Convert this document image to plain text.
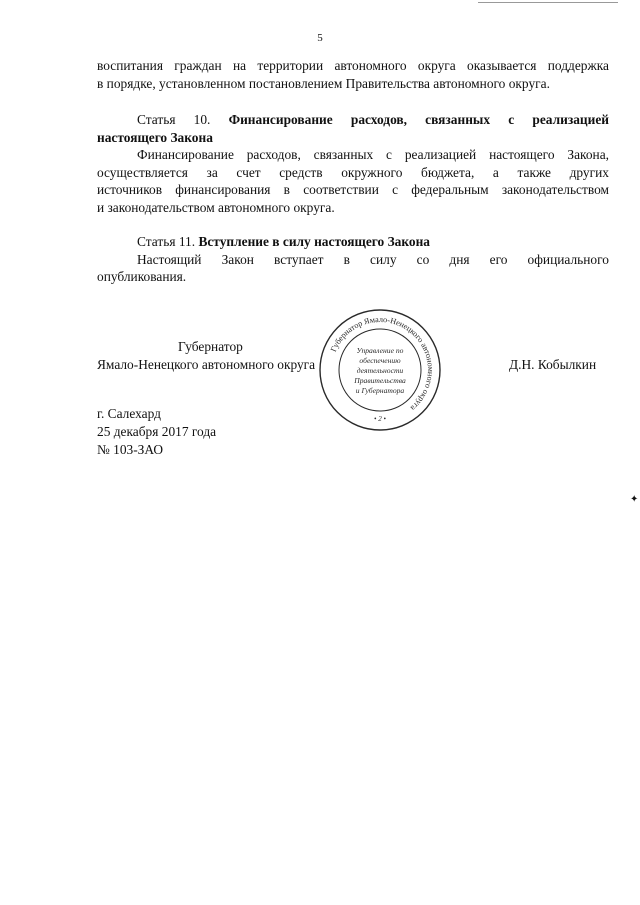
5
воспитания граждан на территории автономного округа оказывается поддержка
в порядке, установленном постановлением Правительства автономного округа.
Статья 10. Финансирование расходов, связанных с реализацией
настоящего Закона
Финансирование расходов, связанных с реализацией настоящего Закона,
осуществляется за счет средств окружного бюджета, а также других
источников финансирования в соответствии с федеральным законодательством
и законодательством автономного округа.
Статья 11. Вступление в силу настоящего Закона
Настоящий Закон вступает в силу со дня его официального
опубликования.
Губернатор
Ямало-Ненецкого автономного округа	Д.Н. Кобылкин
Губернатор Ямало-Ненецкого автономного округа
Управление по
обеспечению
деятельности
Правительства
и Губернатора
• 2 •
г. Салехард
25 декабря 2017 года
№ 103-ЗАО
✦
